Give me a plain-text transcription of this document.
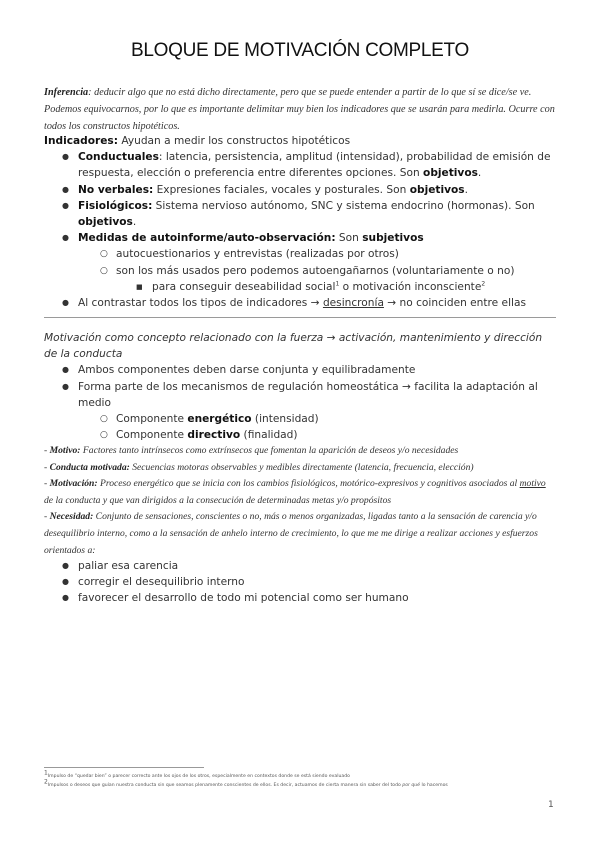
BLOQUE DE MOTIVACIÓN COMPLETO
Inferencia: deducir algo que no está dicho directamente, pero que se puede entender a partir de lo que sí se dice/se ve. Podemos equivocarnos, por lo que es importante delimitar muy bien los indicadores que se usarán para medirla. Ocurre con todos los constructos hipotéticos.
Indicadores: Ayudan a medir los constructos hipotéticos
● Conductuales: latencia, persistencia, amplitud (intensidad), probabilidad de emisión de respuesta, elección o preferencia entre diferentes opciones. Son objetivos.
● No verbales: Expresiones faciales, vocales y posturales. Son objetivos.
● Fisiológicos: Sistema nervioso autónomo, SNC y sistema endocrino (hormonas). Son objetivos.
● Medidas de autoinforme/auto-observación: Son subjetivos
○ autocuestionarios y entrevistas (realizadas por otros)
○ son los más usados pero podemos autoengañarnos (voluntariamente o no)
■ para conseguir deseabilidad social$^1$ o motivación inconsciente$^2$
● Al contrastar todos los tipos de indicadores → desincronía → no coinciden entre ellas
Motivación como concepto relacionado con la fuerza → activación, mantenimiento y dirección de la conducta
● Ambos componentes deben darse conjunta y equilibradamente
● Forma parte de los mecanismos de regulación homeostática → facilita la adaptación al medio
○ Componente energético (intensidad)
○ Componente directivo (finalidad)
- Motivo: Factores tanto intrínsecos como extrínsecos que fomentan la aparición de deseos y/o necesidades
- Conducta motivada: Secuencias motoras observables y medibles directamente (latencia, frecuencia, elección)
- Motivación: Proceso energético que se inicia con los cambios fisiológicos, motórico-expresivos y cognitivos asociados al motivo de la conducta y que van dirigidos a la consecución de determinadas metas y/o propósitos
- Necesidad: Conjunto de sensaciones, conscientes o no, más o menos organizadas, ligadas tanto a la sensación de carencia y/o desequilibrio interno, como a la sensación de anhelo interno de crecimiento, lo que me me dirige a realizar acciones y esfuerzos orientados a:
● paliar esa carencia
● corregir el desequilibrio interno
● favorecer el desarrollo de todo mi potencial como ser humano
$^1$Impulso de “quedar bien” o parecer correcto ante los ojos de los otros, especialmente en contextos donde se está siendo evaluado
$^2$Impulsos o deseos que guían nuestra conducta sin que seamos plenamente conscientes de ellos. Es decir, actuamos de cierta manera sin saber del todo por qué lo hacemos
1
